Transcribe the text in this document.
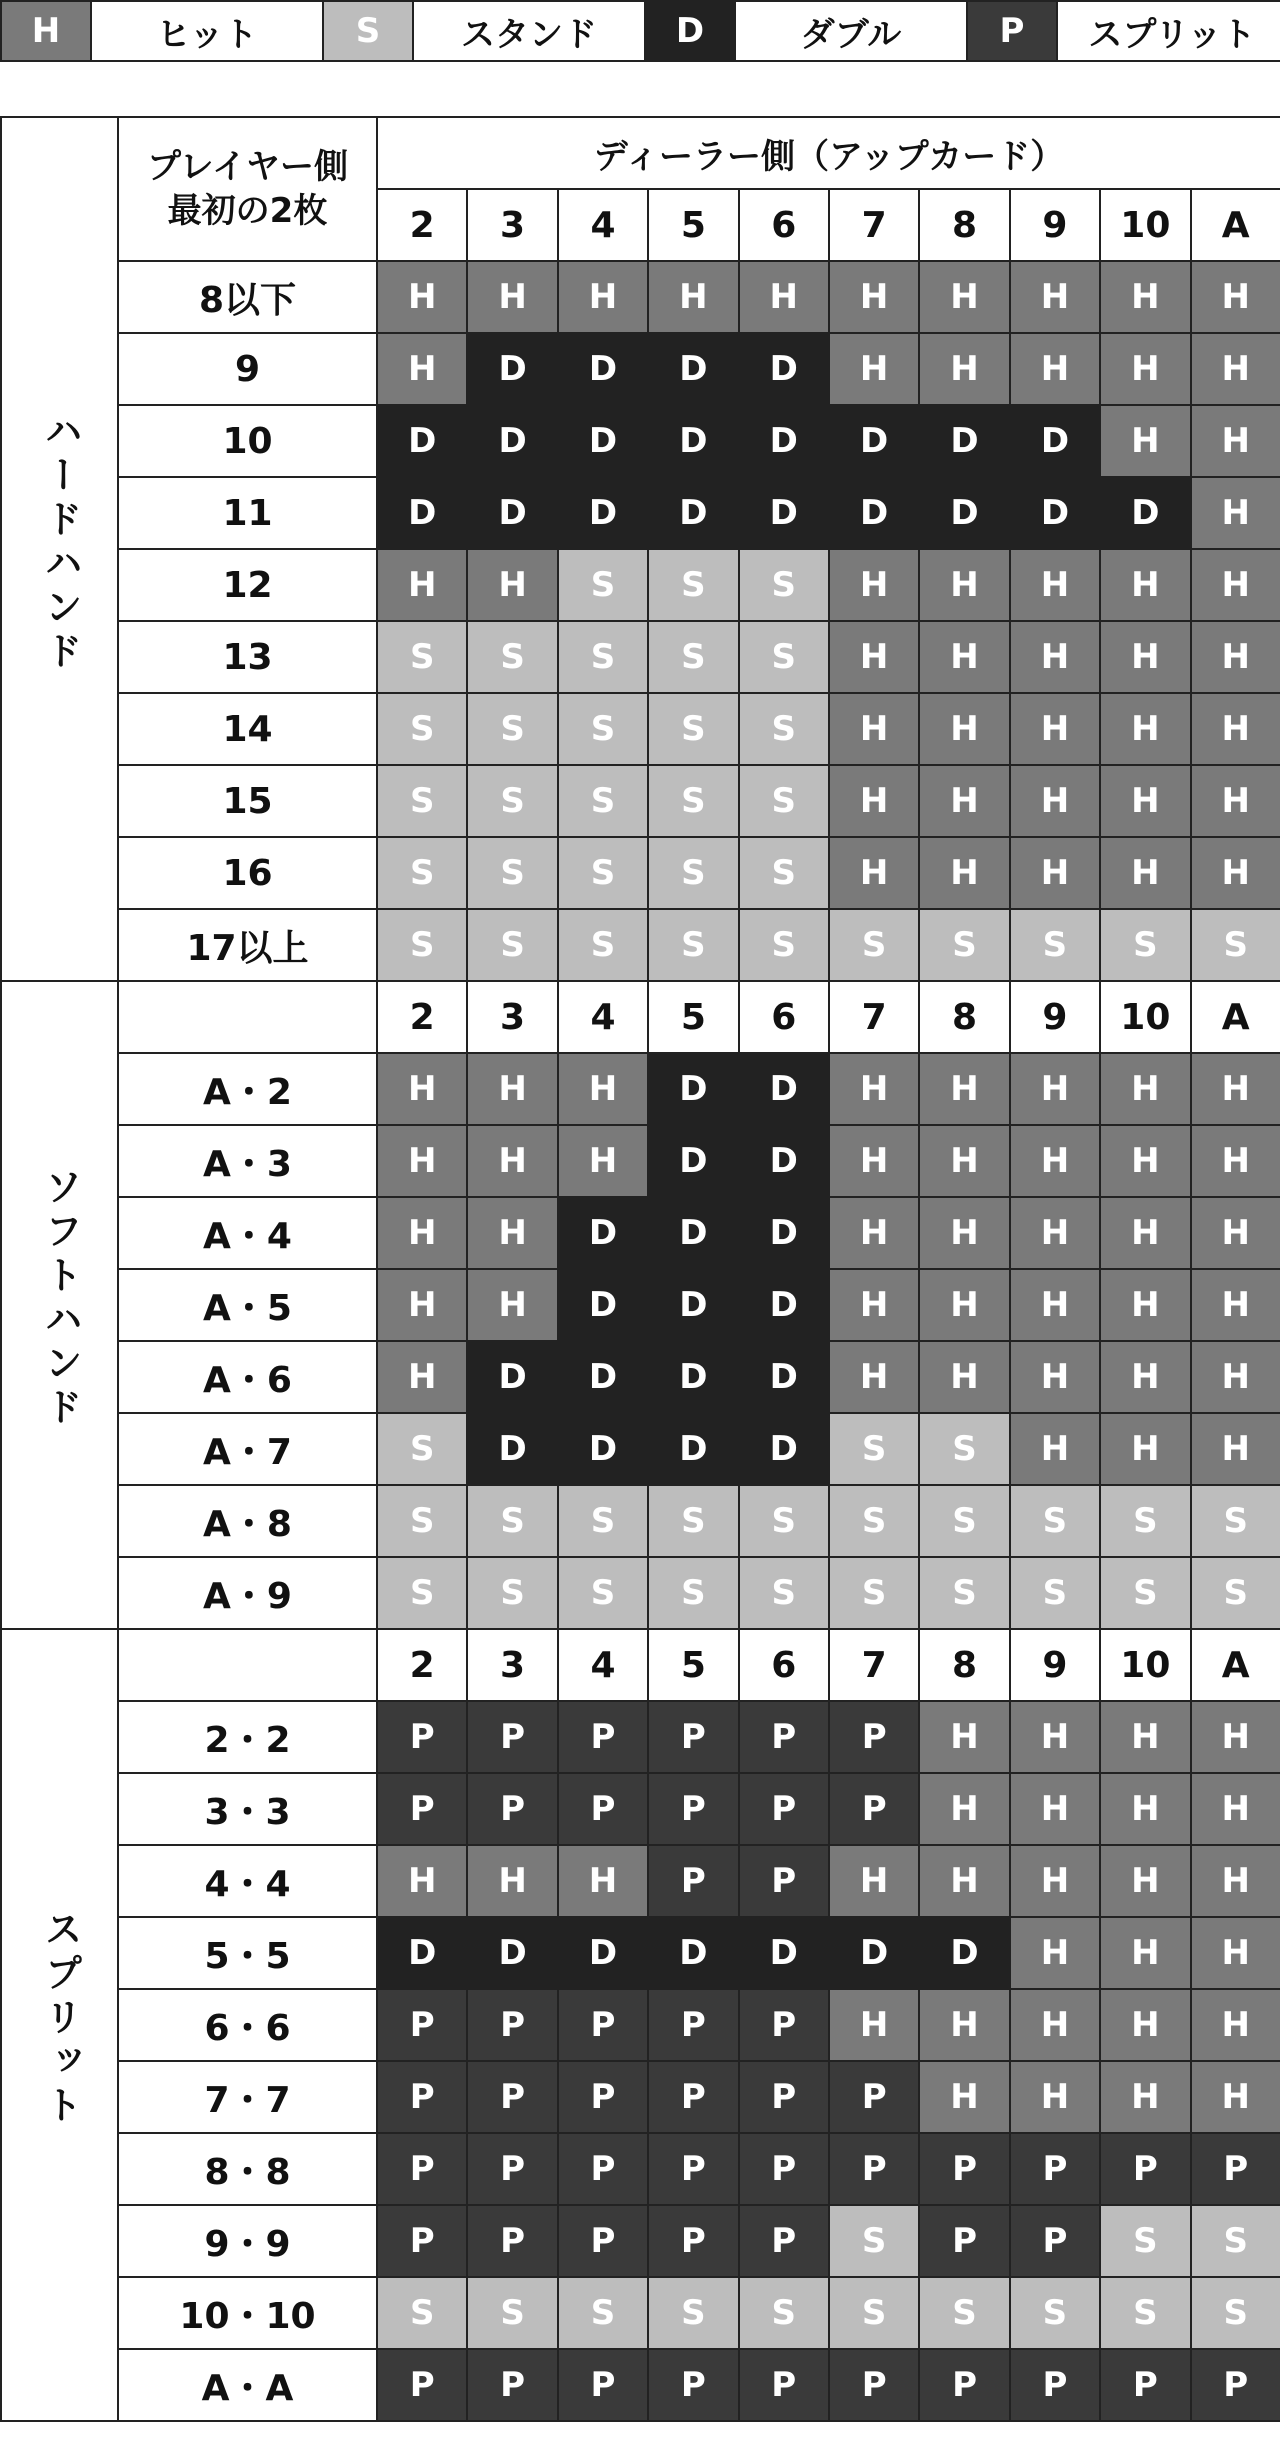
H	ヒット	S	スタンド	D	ダブル	P	スプリット
ハードハンド	プレイヤー側
最初の2枚	ディーラー側（アップカード）									
		2	3	4	5	6	7	8	9	10	A
	8以下	H	H	H	H	H	H	H	H	H	H
	9	H	D	D	D	D	H	H	H	H	H
	10	D	D	D	D	D	D	D	D	H	H
	11	D	D	D	D	D	D	D	D	D	H
	12	H	H	S	S	S	H	H	H	H	H
	13	S	S	S	S	S	H	H	H	H	H
	14	S	S	S	S	S	H	H	H	H	H
	15	S	S	S	S	S	H	H	H	H	H
	16	S	S	S	S	S	H	H	H	H	H
	17以上	S	S	S	S	S	S	S	S	S	S
ソフトハンド		2	3	4	5	6	7	8	9	10	A
	A・2	H	H	H	D	D	H	H	H	H	H
	A・3	H	H	H	D	D	H	H	H	H	H
	A・4	H	H	D	D	D	H	H	H	H	H
	A・5	H	H	D	D	D	H	H	H	H	H
	A・6	H	D	D	D	D	H	H	H	H	H
	A・7	S	D	D	D	D	S	S	H	H	H
	A・8	S	S	S	S	S	S	S	S	S	S
	A・9	S	S	S	S	S	S	S	S	S	S
スプリット		2	3	4	5	6	7	8	9	10	A
	2・2	P	P	P	P	P	P	H	H	H	H
	3・3	P	P	P	P	P	P	H	H	H	H
	4・4	H	H	H	P	P	H	H	H	H	H
	5・5	D	D	D	D	D	D	D	H	H	H
	6・6	P	P	P	P	P	H	H	H	H	H
	7・7	P	P	P	P	P	P	H	H	H	H
	8・8	P	P	P	P	P	P	P	P	P	P
	9・9	P	P	P	P	P	S	P	P	S	S
	10・10	S	S	S	S	S	S	S	S	S	S
	A・A	P	P	P	P	P	P	P	P	P	P
